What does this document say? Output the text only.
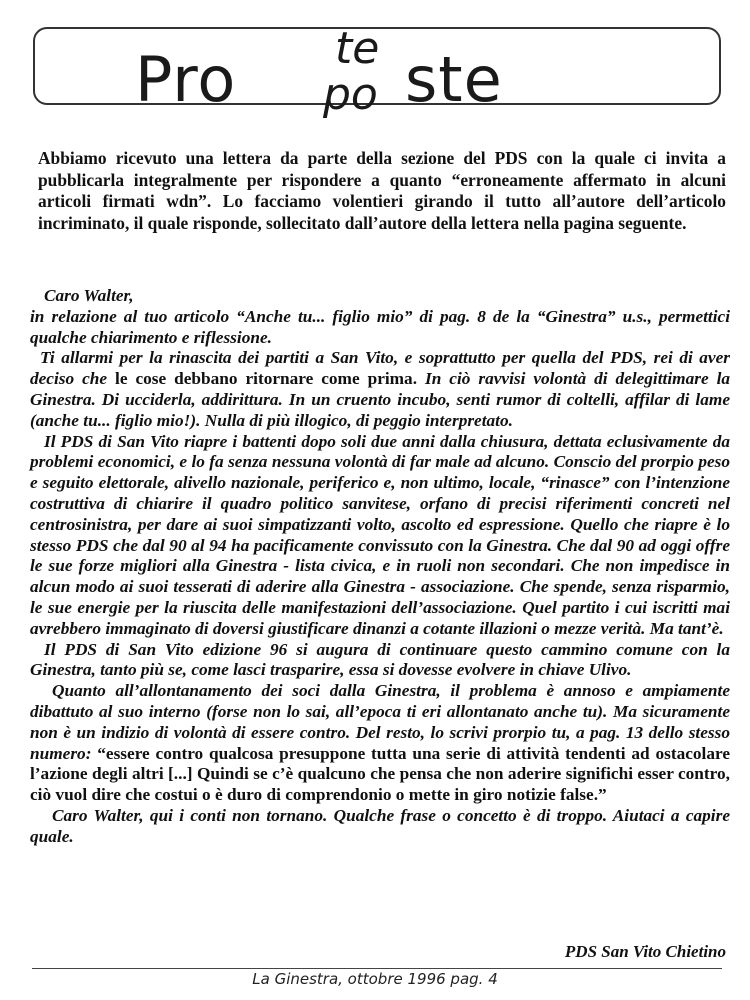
Pro te
po ste
Abbiamo ricevuto una lettera da parte della sezione del PDS con la quale ci invita a pubblicarla integralmente per rispondere a quanto “erroneamente affermato in alcuni articoli firmati wdn”. Lo facciamo volentieri girando il tutto all’autore dell’articolo incriminato, il quale risponde, sollecitato dall’autore della lettera nella pagina seguente.

Caro Walter,

in relazione al tuo articolo “Anche tu... figlio mio” di pag. 8 de la “Ginestra” u.s., permettici qualche chiarimento e riflessione.

Ti allarmi per la rinascita dei partiti a San Vito, e soprattutto per quella del PDS, rei di aver deciso che le cose debbano ritornare come prima. In ciò ravvisi volontà di delegittimare la Ginestra. Di ucciderla, addirittura. In un cruento incubo, senti rumor di coltelli, affilar di lame (anche tu... figlio mio!). Nulla di più illogico, di peggio interpretato.

Il PDS di San Vito riapre i battenti dopo soli due anni dalla chiusura, dettata eclusivamente da problemi economici, e lo fa senza nessuna volontà di far male ad alcuno. Conscio del prorpio peso e seguito elettorale, alivello nazionale, periferico e, non ultimo, locale, “rinasce” con l’intenzione costruttiva di chiarire il quadro politico sanvitese, orfano di precisi riferimenti concreti nel centrosinistra, per dare ai suoi simpatizzanti volto, ascolto ed espressione. Quello che riapre è lo stesso PDS che dal 90 al 94 ha pacificamente convissuto con la Ginestra. Che dal 90 ad oggi offre le sue forze migliori alla Ginestra - lista civica, e in ruoli non secondari. Che non impedisce in alcun modo ai suoi tesserati di aderire alla Ginestra - associazione. Che spende, senza risparmio, le sue energie per la riuscita delle manifestazioni dell’associazione. Quel partito i cui iscritti mai avrebbero immaginato di doversi giustificare dinanzi a cotante illazioni o mezze verità. Ma tant’è.

Il PDS di San Vito edizione 96 si augura di continuare questo cammino comune con la Ginestra, tanto più se, come lasci trasparire, essa si dovesse evolvere in chiave Ulivo.

Quanto all’allontanamento dei soci dalla Ginestra, il problema è annoso e ampiamente dibattuto al suo interno (forse non lo sai, all’epoca ti eri allontanato anche tu). Ma sicuramente non è un indizio di volontà di essere contro. Del resto, lo scrivi prorpio tu, a pag. 13 dello stesso numero: “essere contro qualcosa presuppone tutta una serie di attività tendenti ad ostacolare l’azione degli altri [...] Quindi se c’è qualcuno che pensa che non aderire significhi esser contro, ciò vuol dire che costui o è duro di comprendonio o mette in giro notizie false.”

Caro Walter, qui i conti non tornano. Qualche frase o concetto è di troppo. Aiutaci a capire quale.

PDS San Vito Chietino
La Ginestra, ottobre 1996 pag. 4
